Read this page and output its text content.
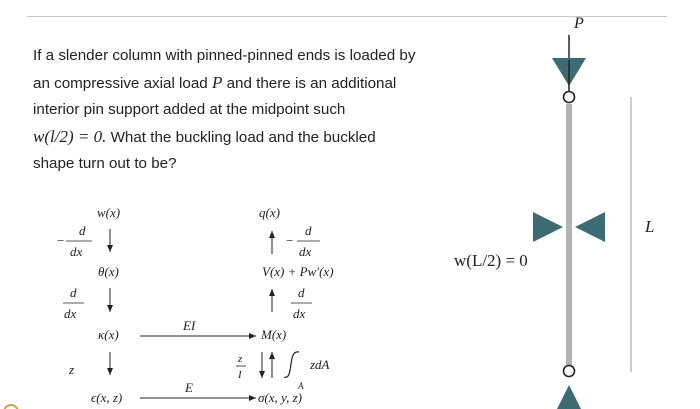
If a slender column with pinned-pinned ends is loaded by
an compressive axial load P and there is an additional
interior pin support added at the midpoint such
w(l/2) = 0. What the buckling load and the buckled
shape turn out to be?
w(x)
−
d
dx
θ(x)
d
dx
κ(x)
z
ϵ(x, z)
EI
E
q(x)
−
d
dx
V(x) + Pw′(x)
d
dx
M(x)
z
I
zdA
A
σ(x, y, z)
P
w(L/2) = 0
L
